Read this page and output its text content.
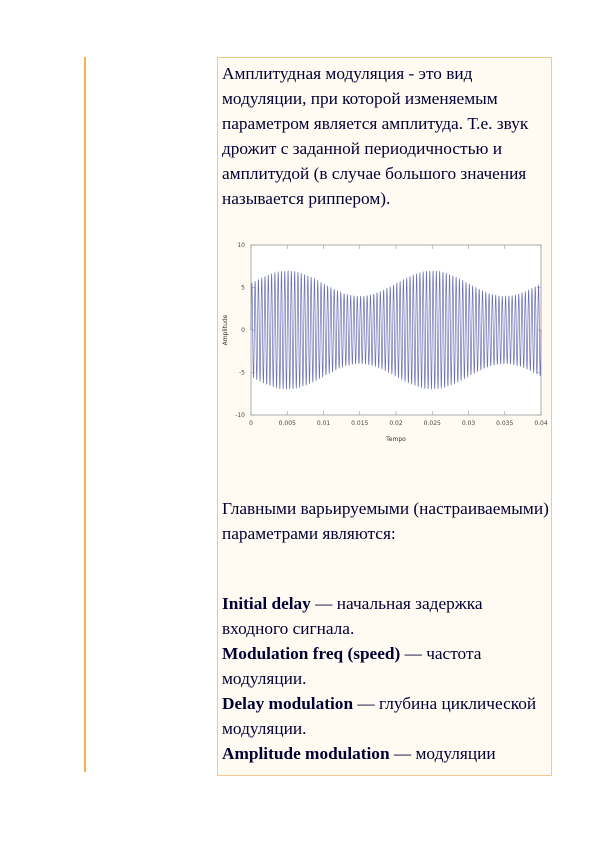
Амплитудная модуляция - это вид модуляции, при которой изменяемым параметром является амплитуда. Т.е. звук дрожит с заданной периодичностью и амплитудой (в случае большого значения называется риппером).
10
5
0
-5
-10
0	0.005	0.01	0.015	0.02	0.025	0.03	0.035	0.04
Tempo
Amplitude
Главными варьируемыми (настраиваемыми) параметрами являются:

Initial delay — начальная задержка входного сигнала.

Modulation freq (speed) — частота модуляции.

Delay modulation — глубина циклической модуляции.

Amplitude modulation — модуляции
